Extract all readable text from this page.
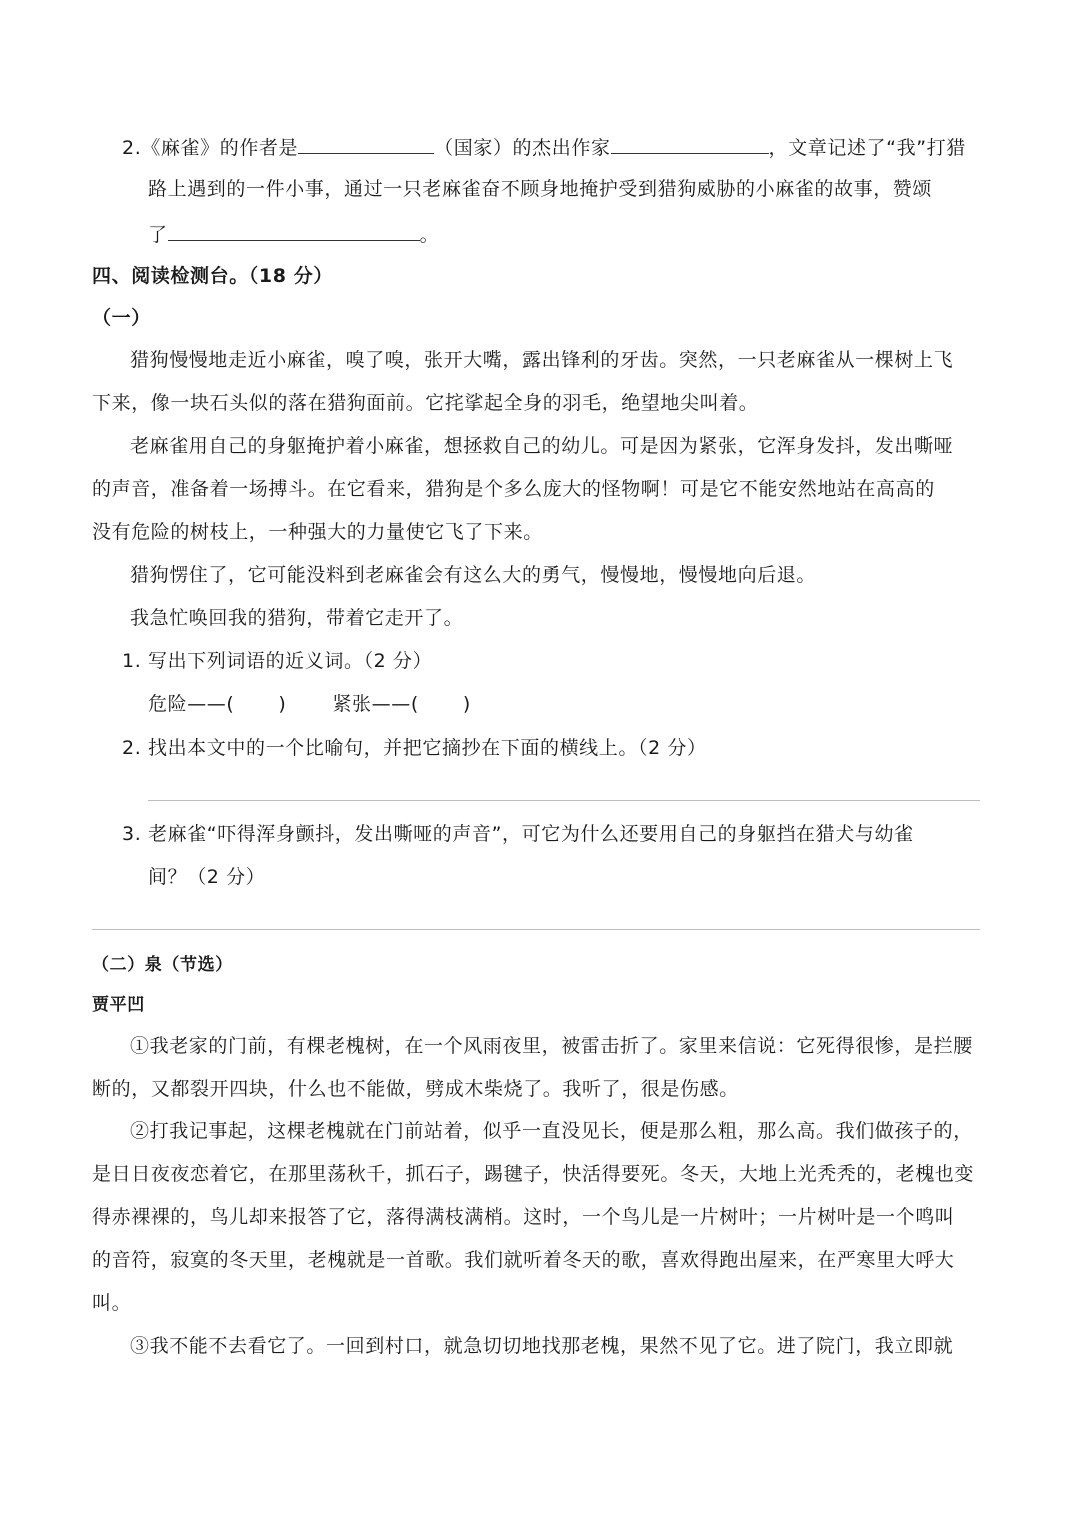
2.《麻雀》的作者是	（国家）的杰出作家	，文章记述了“我”打猎
路上遇到的一件小事，通过一只老麻雀奋不顾身地掩护受到猎狗威胁的小麻雀的故事，赞颂
了	。
四、阅读检测台。（18 分）
（一）
猎狗慢慢地走近小麻雀，嗅了嗅，张开大嘴，露出锋利的牙齿。突然，一只老麻雀从一棵树上飞
下来，像一块石头似的落在猎狗面前。它挓挲起全身的羽毛，绝望地尖叫着。
老麻雀用自己的身躯掩护着小麻雀，想拯救自己的幼儿。可是因为紧张，它浑身发抖，发出嘶哑
的声音，准备着一场搏斗。在它看来，猎狗是个多么庞大的怪物啊！可是它不能安然地站在高高的
没有危险的树枝上，一种强大的力量使它飞了下来。
猎狗愣住了，它可能没料到老麻雀会有这么大的勇气，慢慢地，慢慢地向后退。
我急忙唤回我的猎狗，带着它走开了。
1. 写出下列词语的近义词。（2 分）
危险——( ) 紧张——( )
2. 找出本文中的一个比喻句，并把它摘抄在下面的横线上。（2 分）
3. 老麻雀“吓得浑身颤抖，发出嘶哑的声音”，可它为什么还要用自己的身躯挡在猎犬与幼雀
间？（2 分）
（二）泉（节选）
贾平凹
①我老家的门前，有棵老槐树，在一个风雨夜里，被雷击折了。家里来信说：它死得很惨，是拦腰
断的，又都裂开四块，什么也不能做，劈成木柴烧了。我听了，很是伤感。
②打我记事起，这棵老槐就在门前站着，似乎一直没见长，便是那么粗，那么高。我们做孩子的，
是日日夜夜恋着它，在那里荡秋千，抓石子，踢毽子，快活得要死。冬天，大地上光秃秃的，老槐也变
得赤裸裸的，鸟儿却来报答了它，落得满枝满梢。这时，一个鸟儿是一片树叶；一片树叶是一个鸣叫
的音符，寂寞的冬天里，老槐就是一首歌。我们就听着冬天的歌，喜欢得跑出屋来，在严寒里大呼大
叫。
③我不能不去看它了。一回到村口，就急切切地找那老槐，果然不见了它。进了院门，我立即就
